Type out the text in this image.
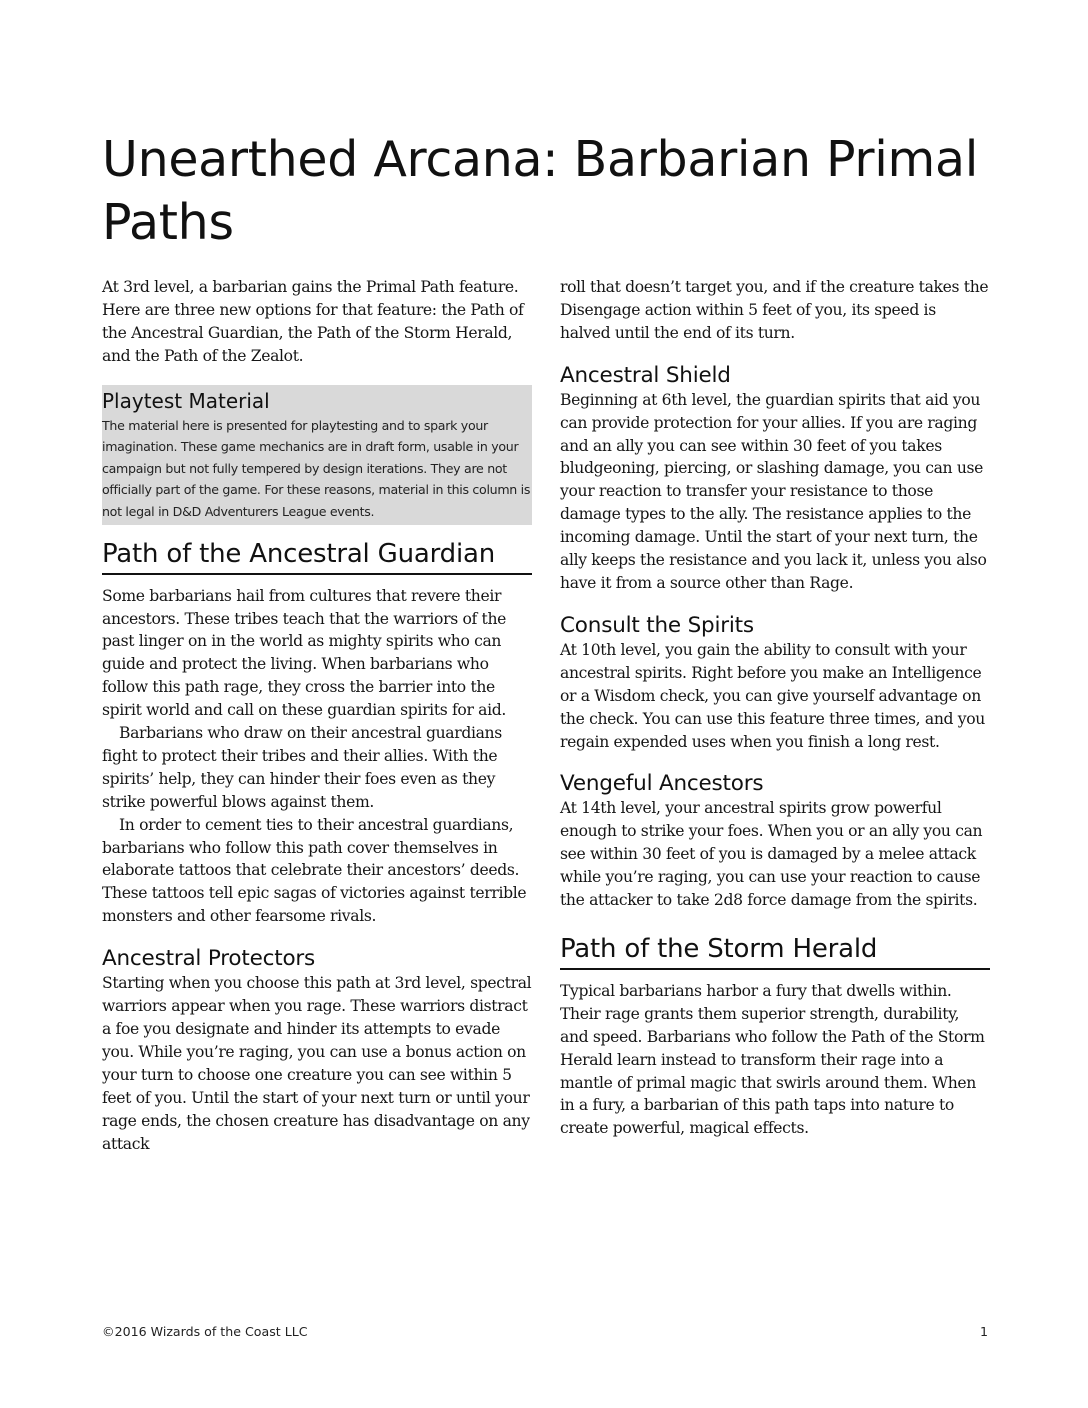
Unearthed Arcana: Barbarian Primal Paths

At 3rd level, a barbarian gains the Primal Path feature. Here are three new options for that feature: the Path of the Ancestral Guardian, the Path of the Storm Herald, and the Path of the Zealot.

Playtest Material

The material here is presented for playtesting and to spark your imagination. These game mechanics are in draft form, usable in your campaign but not fully tempered by design iterations. They are not officially part of the game. For these reasons, material in this column is not legal in D&D Adventurers League events.

Path of the Ancestral Guardian

Some barbarians hail from cultures that revere their ancestors. These tribes teach that the warriors of the past linger on in the world as mighty spirits who can guide and protect the living. When barbarians who follow this path rage, they cross the barrier into the spirit world and call on these guardian spirits for aid.

Barbarians who draw on their ancestral guardians fight to protect their tribes and their allies. With the spirits’ help, they can hinder their foes even as they strike powerful blows against them.

In order to cement ties to their ancestral guardians, barbarians who follow this path cover themselves in elaborate tattoos that celebrate their ancestors’ deeds. These tattoos tell epic sagas of victories against terrible monsters and other fearsome rivals.

Ancestral Protectors

Starting when you choose this path at 3rd level, spectral warriors appear when you rage. These warriors distract a foe you designate and hinder its attempts to evade you. While you’re raging, you can use a bonus action on your turn to choose one creature you can see within 5 feet of you. Until the start of your next turn or until your rage ends, the chosen creature has disadvantage on any attack

roll that doesn’t target you, and if the creature takes the Disengage action within 5 feet of you, its speed is halved until the end of its turn.

Ancestral Shield

Beginning at 6th level, the guardian spirits that aid you can provide protection for your allies. If you are raging and an ally you can see within 30 feet of you takes bludgeoning, piercing, or slashing damage, you can use your reaction to transfer your resistance to those damage types to the ally. The resistance applies to the incoming damage. Until the start of your next turn, the ally keeps the resistance and you lack it, unless you also have it from a source other than Rage.

Consult the Spirits

At 10th level, you gain the ability to consult with your ancestral spirits. Right before you make an Intelligence or a Wisdom check, you can give yourself advantage on the check. You can use this feature three times, and you regain expended uses when you finish a long rest.

Vengeful Ancestors

At 14th level, your ancestral spirits grow powerful enough to strike your foes. When you or an ally you can see within 30 feet of you is damaged by a melee attack while you’re raging, you can use your reaction to cause the attacker to take 2d8 force damage from the spirits.

Path of the Storm Herald

Typical barbarians harbor a fury that dwells within. Their rage grants them superior strength, durability, and speed. Barbarians who follow the Path of the Storm Herald learn instead to transform their rage into a mantle of primal magic that swirls around them. When in a fury, a barbarian of this path taps into nature to create powerful, magical effects.

©2016 Wizards of the Coast LLC	1
